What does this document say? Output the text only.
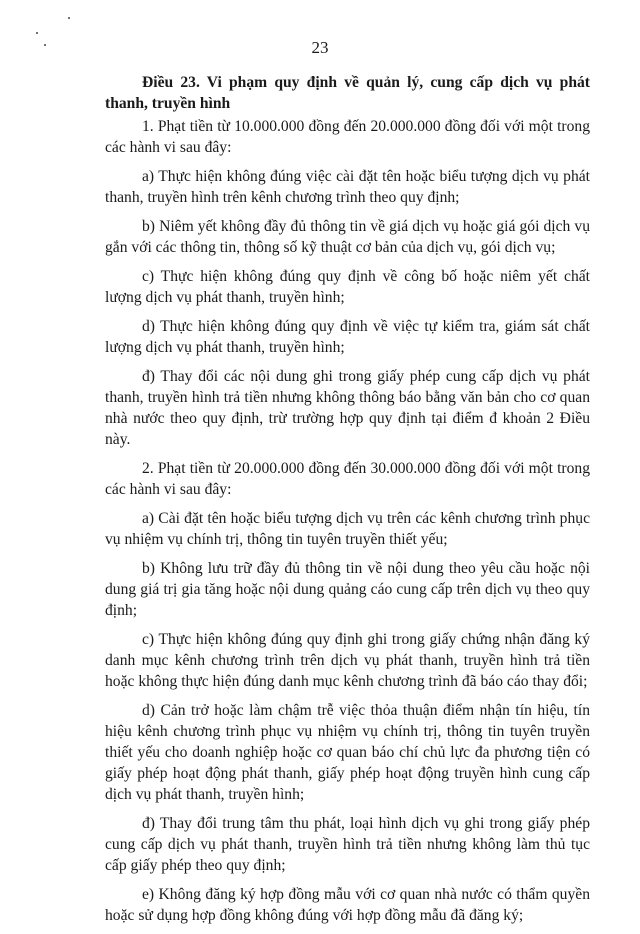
23

Điều 23. Vi phạm quy định về quản lý, cung cấp dịch vụ phát thanh, truyền hình

1. Phạt tiền từ 10.000.000 đồng đến 20.000.000 đồng đối với một trong các hành vi sau đây:

a) Thực hiện không đúng việc cài đặt tên hoặc biểu tượng dịch vụ phát thanh, truyền hình trên kênh chương trình theo quy định;

b) Niêm yết không đầy đủ thông tin về giá dịch vụ hoặc giá gói dịch vụ gắn với các thông tin, thông số kỹ thuật cơ bản của dịch vụ, gói dịch vụ;

c) Thực hiện không đúng quy định về công bố hoặc niêm yết chất lượng dịch vụ phát thanh, truyền hình;

d) Thực hiện không đúng quy định về việc tự kiểm tra, giám sát chất lượng dịch vụ phát thanh, truyền hình;

đ) Thay đổi các nội dung ghi trong giấy phép cung cấp dịch vụ phát thanh, truyền hình trả tiền nhưng không thông báo bằng văn bản cho cơ quan nhà nước theo quy định, trừ trường hợp quy định tại điểm đ khoản 2 Điều này.

2. Phạt tiền từ 20.000.000 đồng đến 30.000.000 đồng đối với một trong các hành vi sau đây:

a) Cài đặt tên hoặc biểu tượng dịch vụ trên các kênh chương trình phục vụ nhiệm vụ chính trị, thông tin tuyên truyền thiết yếu;

b) Không lưu trữ đầy đủ thông tin về nội dung theo yêu cầu hoặc nội dung giá trị gia tăng hoặc nội dung quảng cáo cung cấp trên dịch vụ theo quy định;

c) Thực hiện không đúng quy định ghi trong giấy chứng nhận đăng ký danh mục kênh chương trình trên dịch vụ phát thanh, truyền hình trả tiền hoặc không thực hiện đúng danh mục kênh chương trình đã báo cáo thay đổi;

d) Cản trở hoặc làm chậm trễ việc thỏa thuận điểm nhận tín hiệu, tín hiệu kênh chương trình phục vụ nhiệm vụ chính trị, thông tin tuyên truyền thiết yếu cho doanh nghiệp hoặc cơ quan báo chí chủ lực đa phương tiện có giấy phép hoạt động phát thanh, giấy phép hoạt động truyền hình cung cấp dịch vụ phát thanh, truyền hình;

đ) Thay đổi trung tâm thu phát, loại hình dịch vụ ghi trong giấy phép cung cấp dịch vụ phát thanh, truyền hình trả tiền nhưng không làm thủ tục cấp giấy phép theo quy định;

e) Không đăng ký hợp đồng mẫu với cơ quan nhà nước có thẩm quyền hoặc sử dụng hợp đồng không đúng với hợp đồng mẫu đã đăng ký;
